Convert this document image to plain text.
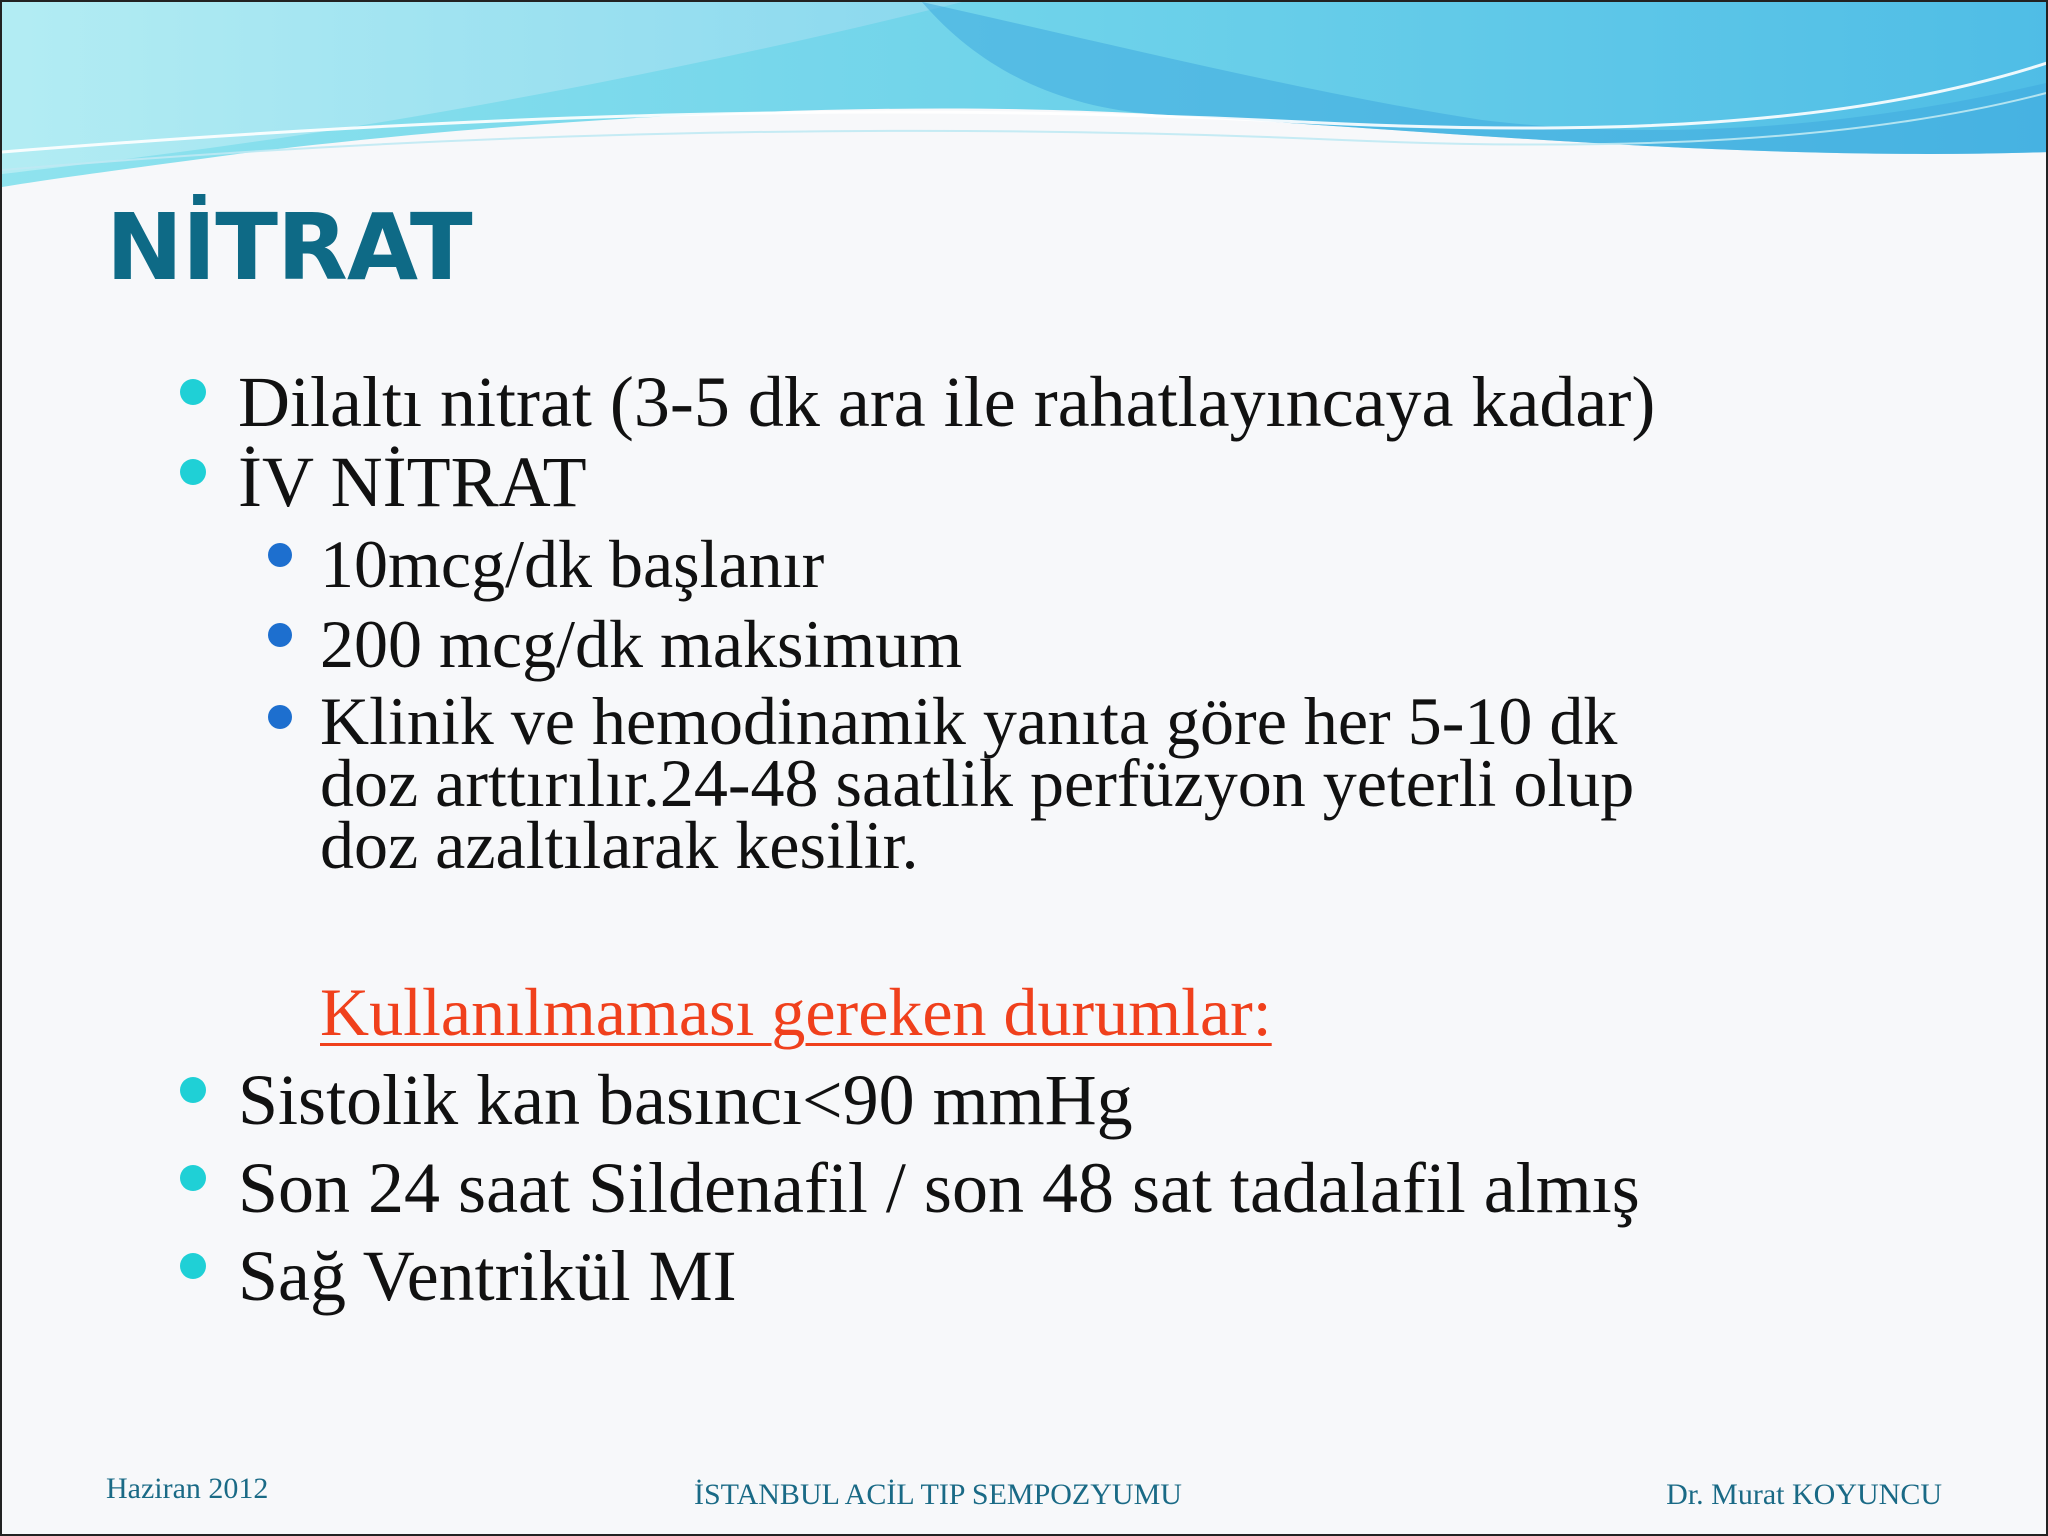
NİTRAT
Dilaltı nitrat (3-5 dk ara ile rahatlayıncaya kadar)
İV NİTRAT
10mcg/dk başlanır
200 mcg/dk maksimum
Klinik ve hemodinamik yanıta göre her 5-10 dk
doz arttırılır.24-48 saatlik perfüzyon yeterli olup
doz azaltılarak kesilir.
Kullanılmaması gereken durumlar:
Sistolik kan basıncı<90 mmHg
Son 24 saat Sildenafil / son 48 sat tadalafil almış
Sağ Ventrikül MI
Haziran 2012	İSTANBUL ACİL TIP SEMPOZYUMU	Dr. Murat KOYUNCU
